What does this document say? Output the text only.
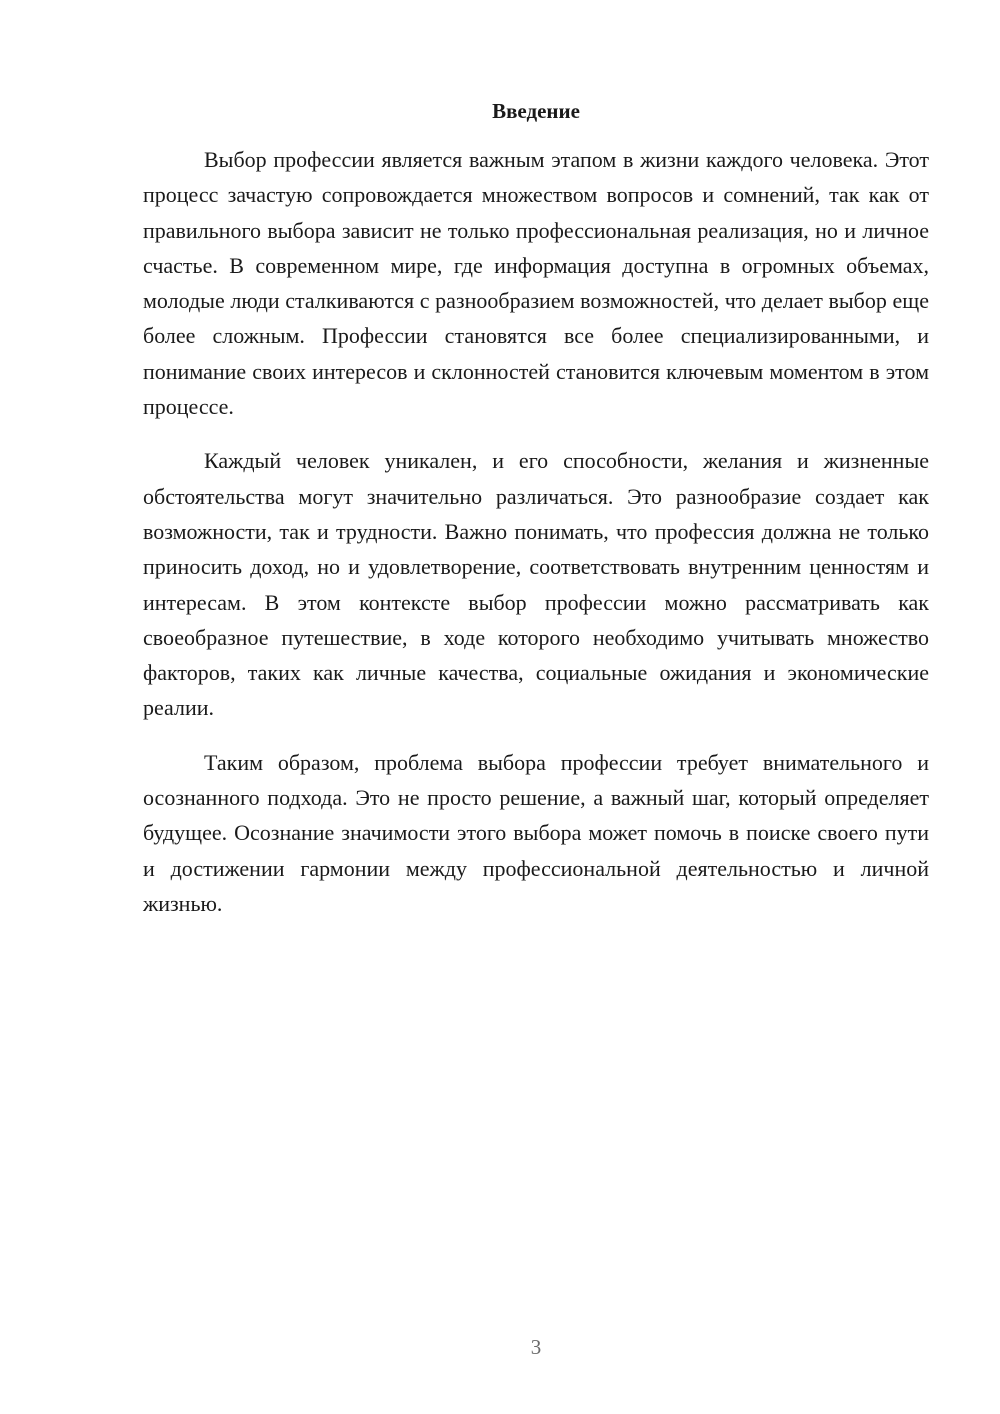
Введение

Выбор профессии является важным этапом в жизни каждого человека. Этот процесс зачастую сопровождается множеством вопросов и сомнений, так как от правильного выбора зависит не только профессиональная реализация, но и личное счастье. В современном мире, где информация доступна в огромных объемах, молодые люди сталкиваются с разнообразием возможностей, что делает выбор еще более сложным. Профессии становятся все более специализированными, и понимание своих интересов и склонностей становится ключевым моментом в этом процессе.

Каждый человек уникален, и его способности, желания и жизненные обстоятельства могут значительно различаться. Это разнообразие создает как возможности, так и трудности. Важно понимать, что профессия должна не только приносить доход, но и удовлетворение, соответствовать внутренним ценностям и интересам. В этом контексте выбор профессии можно рассматривать как своеобразное путешествие, в ходе которого необходимо учитывать множество факторов, таких как личные качества, социальные ожидания и экономические реалии.

Таким образом, проблема выбора профессии требует внимательного и осознанного подхода. Это не просто решение, а важный шаг, который определяет будущее. Осознание значимости этого выбора может помочь в поиске своего пути и достижении гармонии между профессиональной деятельностью и личной жизнью.

3
